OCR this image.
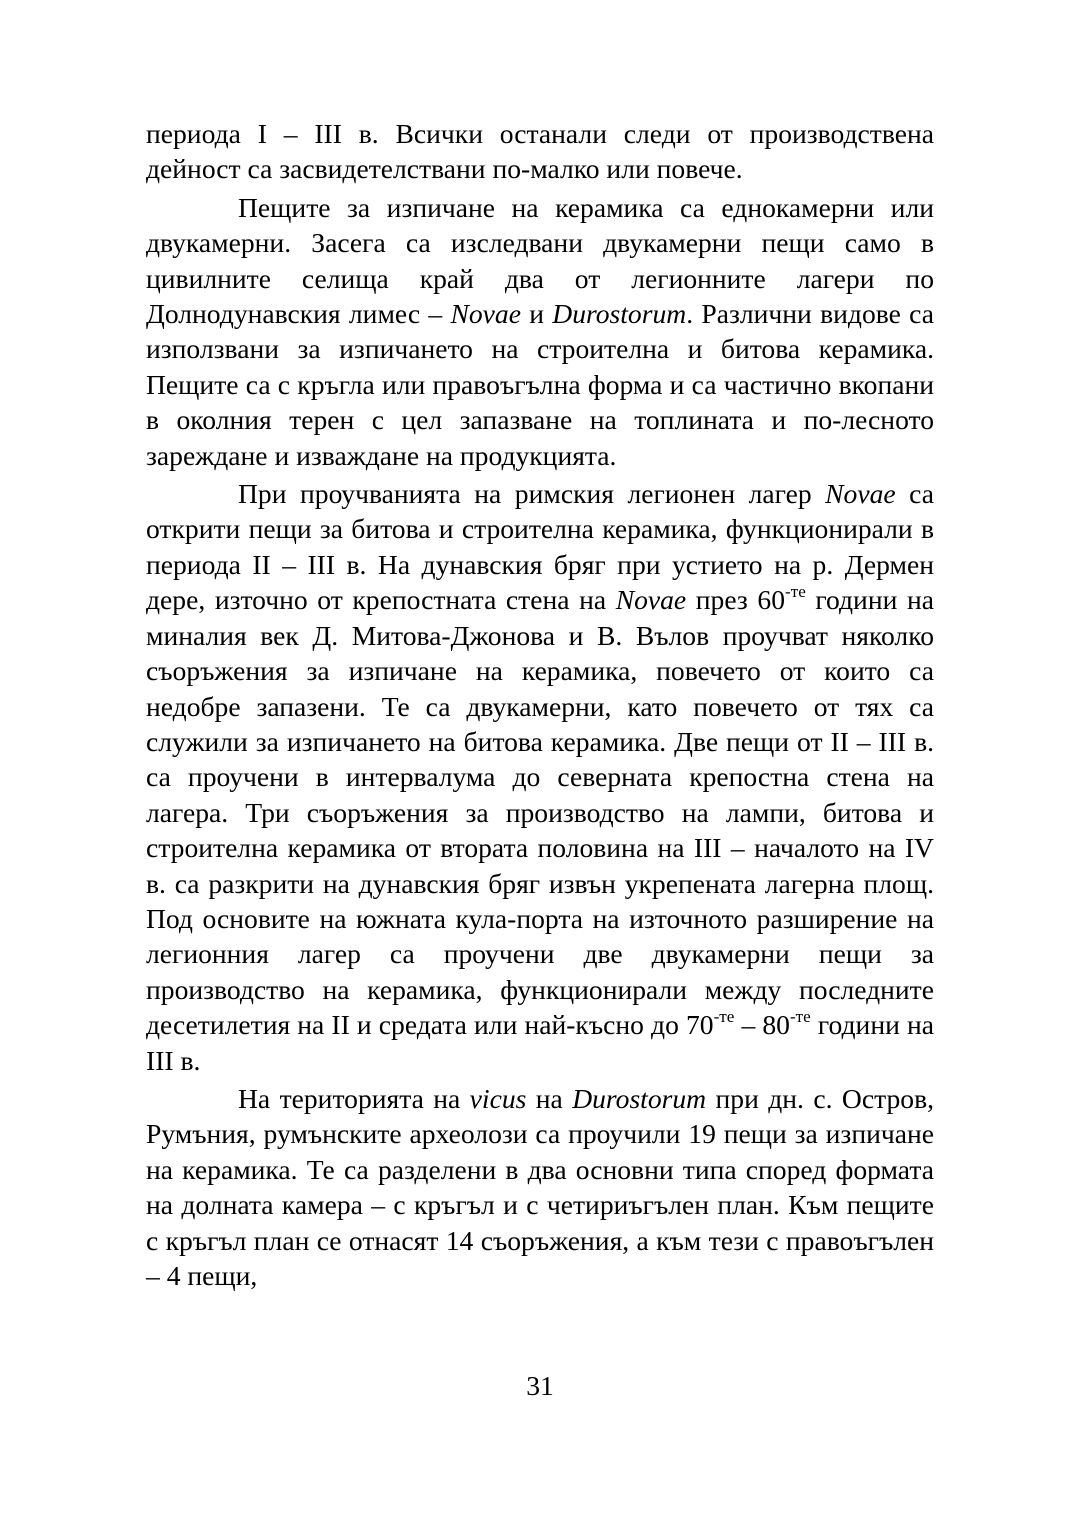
периода I – III в. Всички останали следи от производствена дейност са засвидетелствани по-малко или повече.

Пещите за изпичане на керамика са еднокамерни или двукамерни. Засега са изследвани двукамерни пещи само в цивилните селища край два от легионните лагери по Долнодунавския лимес – Novae и Durostorum. Различни видове са използвани за изпичането на строителна и битова керамика. Пещите са с кръгла или правоъгълна форма и са частично вкопани в околния терен с цел запазване на топлината и по-лесното зареждане и изваждане на продукцията.

При проучванията на римския легионен лагер Novae са открити пещи за битова и строителна керамика, функционирали в периода II – III в. На дунавския бряг при устието на р. Дермен дере, източно от крепостната стена на Novae през $60^{-те}$ години на миналия век Д. Митова-Джонова и В. Вълов проучват няколко съоръжения за изпичане на керамика, повечето от които са недобре запазени. Те са двукамерни, като повечето от тях са служили за изпичането на битова керамика. Две пещи от II – III в. са проучени в интервалума до северната крепостна стена на лагера. Три съоръжения за производство на лампи, битова и строителна керамика от втората половина на III – началото на IV в. са разкрити на дунавския бряг извън укрепената лагерна площ. Под основите на южната кула-порта на източното разширение на легионния лагер са проучени две двукамерни пещи за производство на керамика, функционирали между последните десетилетия на II и средата или най-късно до $70^{-те} - 80^{-те}$ години на III в.

На територията на vicus на Durostorum при дн. с. Остров, Румъния, румънските археолози са проучили 19 пещи за изпичане на керамика. Те са разделени в два основни типа според формата на долната камера – с кръгъл и с четириъгълен план. Към пещите с кръгъл план се отнасят 14 съоръжения, а към тези с правоъгълен – 4 пещи,

31
